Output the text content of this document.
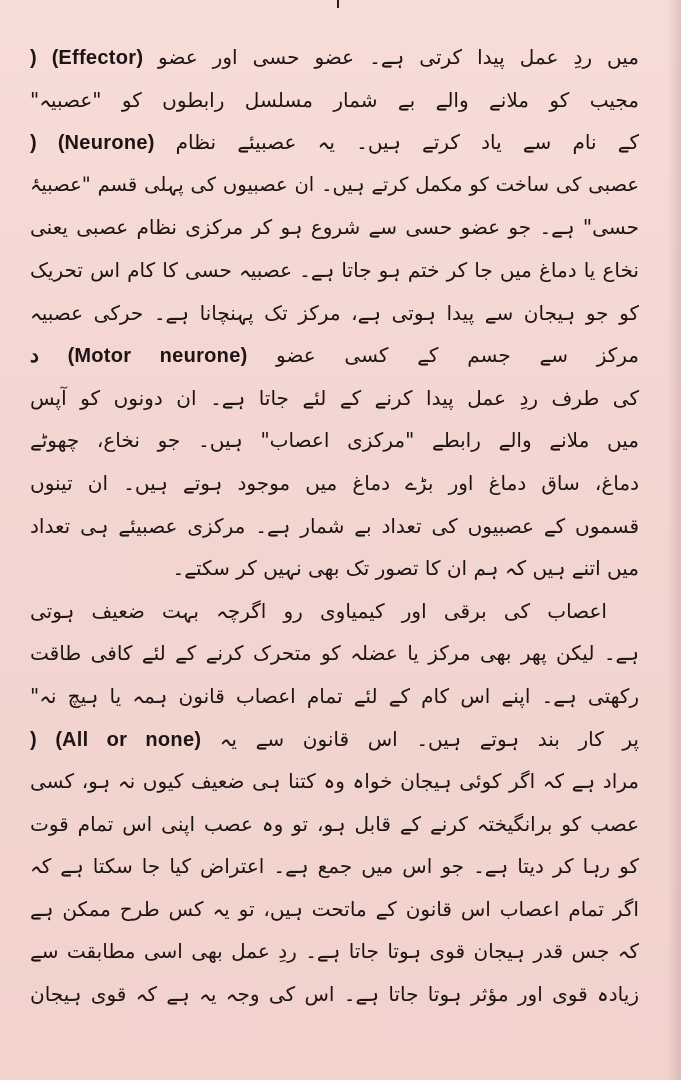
میں ردِ عمل پیدا کرتی ہے۔ عضو حسی اور عضو (Effector) (
مجیب کو ملانے والے بے شمار مسلسل رابطوں کو "عصبیہ"
کے نام سے یاد کرتے ہیں۔ یہ عصبیئے نظام (Neurone) (
عصبی کی ساخت کو مکمل کرتے ہیں۔ ان عصبیوں کی پہلی قسم "عصبیۂ
حسی" ہے۔ جو عضو حسی سے شروع ہو کر مرکزی نظام عصبی یعنی
نخاع یا دماغ میں جا کر ختم ہو جاتا ہے۔ عصبیہ حسی کا کام اس تحریک
کو جو ہیجان سے پیدا ہوتی ہے، مرکز تک پہنچانا ہے۔ حرکی عصبیہ
مرکز سے جسم کے کسی عضو (Motor neurone) د
کی طرف ردِ عمل پیدا کرنے کے لئے جاتا ہے۔ ان دونوں کو آپس
میں ملانے والے رابطے "مرکزی اعصاب" ہیں۔ جو نخاع، چھوٹے
دماغ، ساق دماغ اور بڑے دماغ میں موجود ہوتے ہیں۔ ان تینوں
قسموں کے عصبیوں کی تعداد بے شمار ہے۔ مرکزی عصبیئے ہی تعداد
میں اتنے ہیں کہ ہم ان کا تصور تک بھی نہیں کر سکتے۔
اعصاب کی برقی اور کیمیاوی رو اگرچہ بہت ضعیف ہوتی
ہے۔ لیکن پھر بھی مرکز یا عضلہ کو متحرک کرنے کے لئے کافی طاقت
رکھتی ہے۔ اپنے اس کام کے لئے تمام اعصاب قانون ہمہ یا ہیچ نہ"
پر کار بند ہوتے ہیں۔ اس قانون سے یہ (All or none) (
مراد ہے کہ اگر کوئی ہیجان خواہ وہ کتنا ہی ضعیف کیوں نہ ہو، کسی
عصب کو برانگیختہ کرنے کے قابل ہو، تو وہ عصب اپنی اس تمام قوت
کو رہا کر دیتا ہے۔ جو اس میں جمع ہے۔ اعتراض کیا جا سکتا ہے کہ
اگر تمام اعصاب اس قانون کے ماتحت ہیں، تو یہ کس طرح ممکن ہے
کہ جس قدر ہیجان قوی ہوتا جاتا ہے۔ ردِ عمل بھی اسی مطابقت سے
زیادہ قوی اور مؤثر ہوتا جاتا ہے۔ اس کی وجہ یہ ہے کہ قوی ہیجان
